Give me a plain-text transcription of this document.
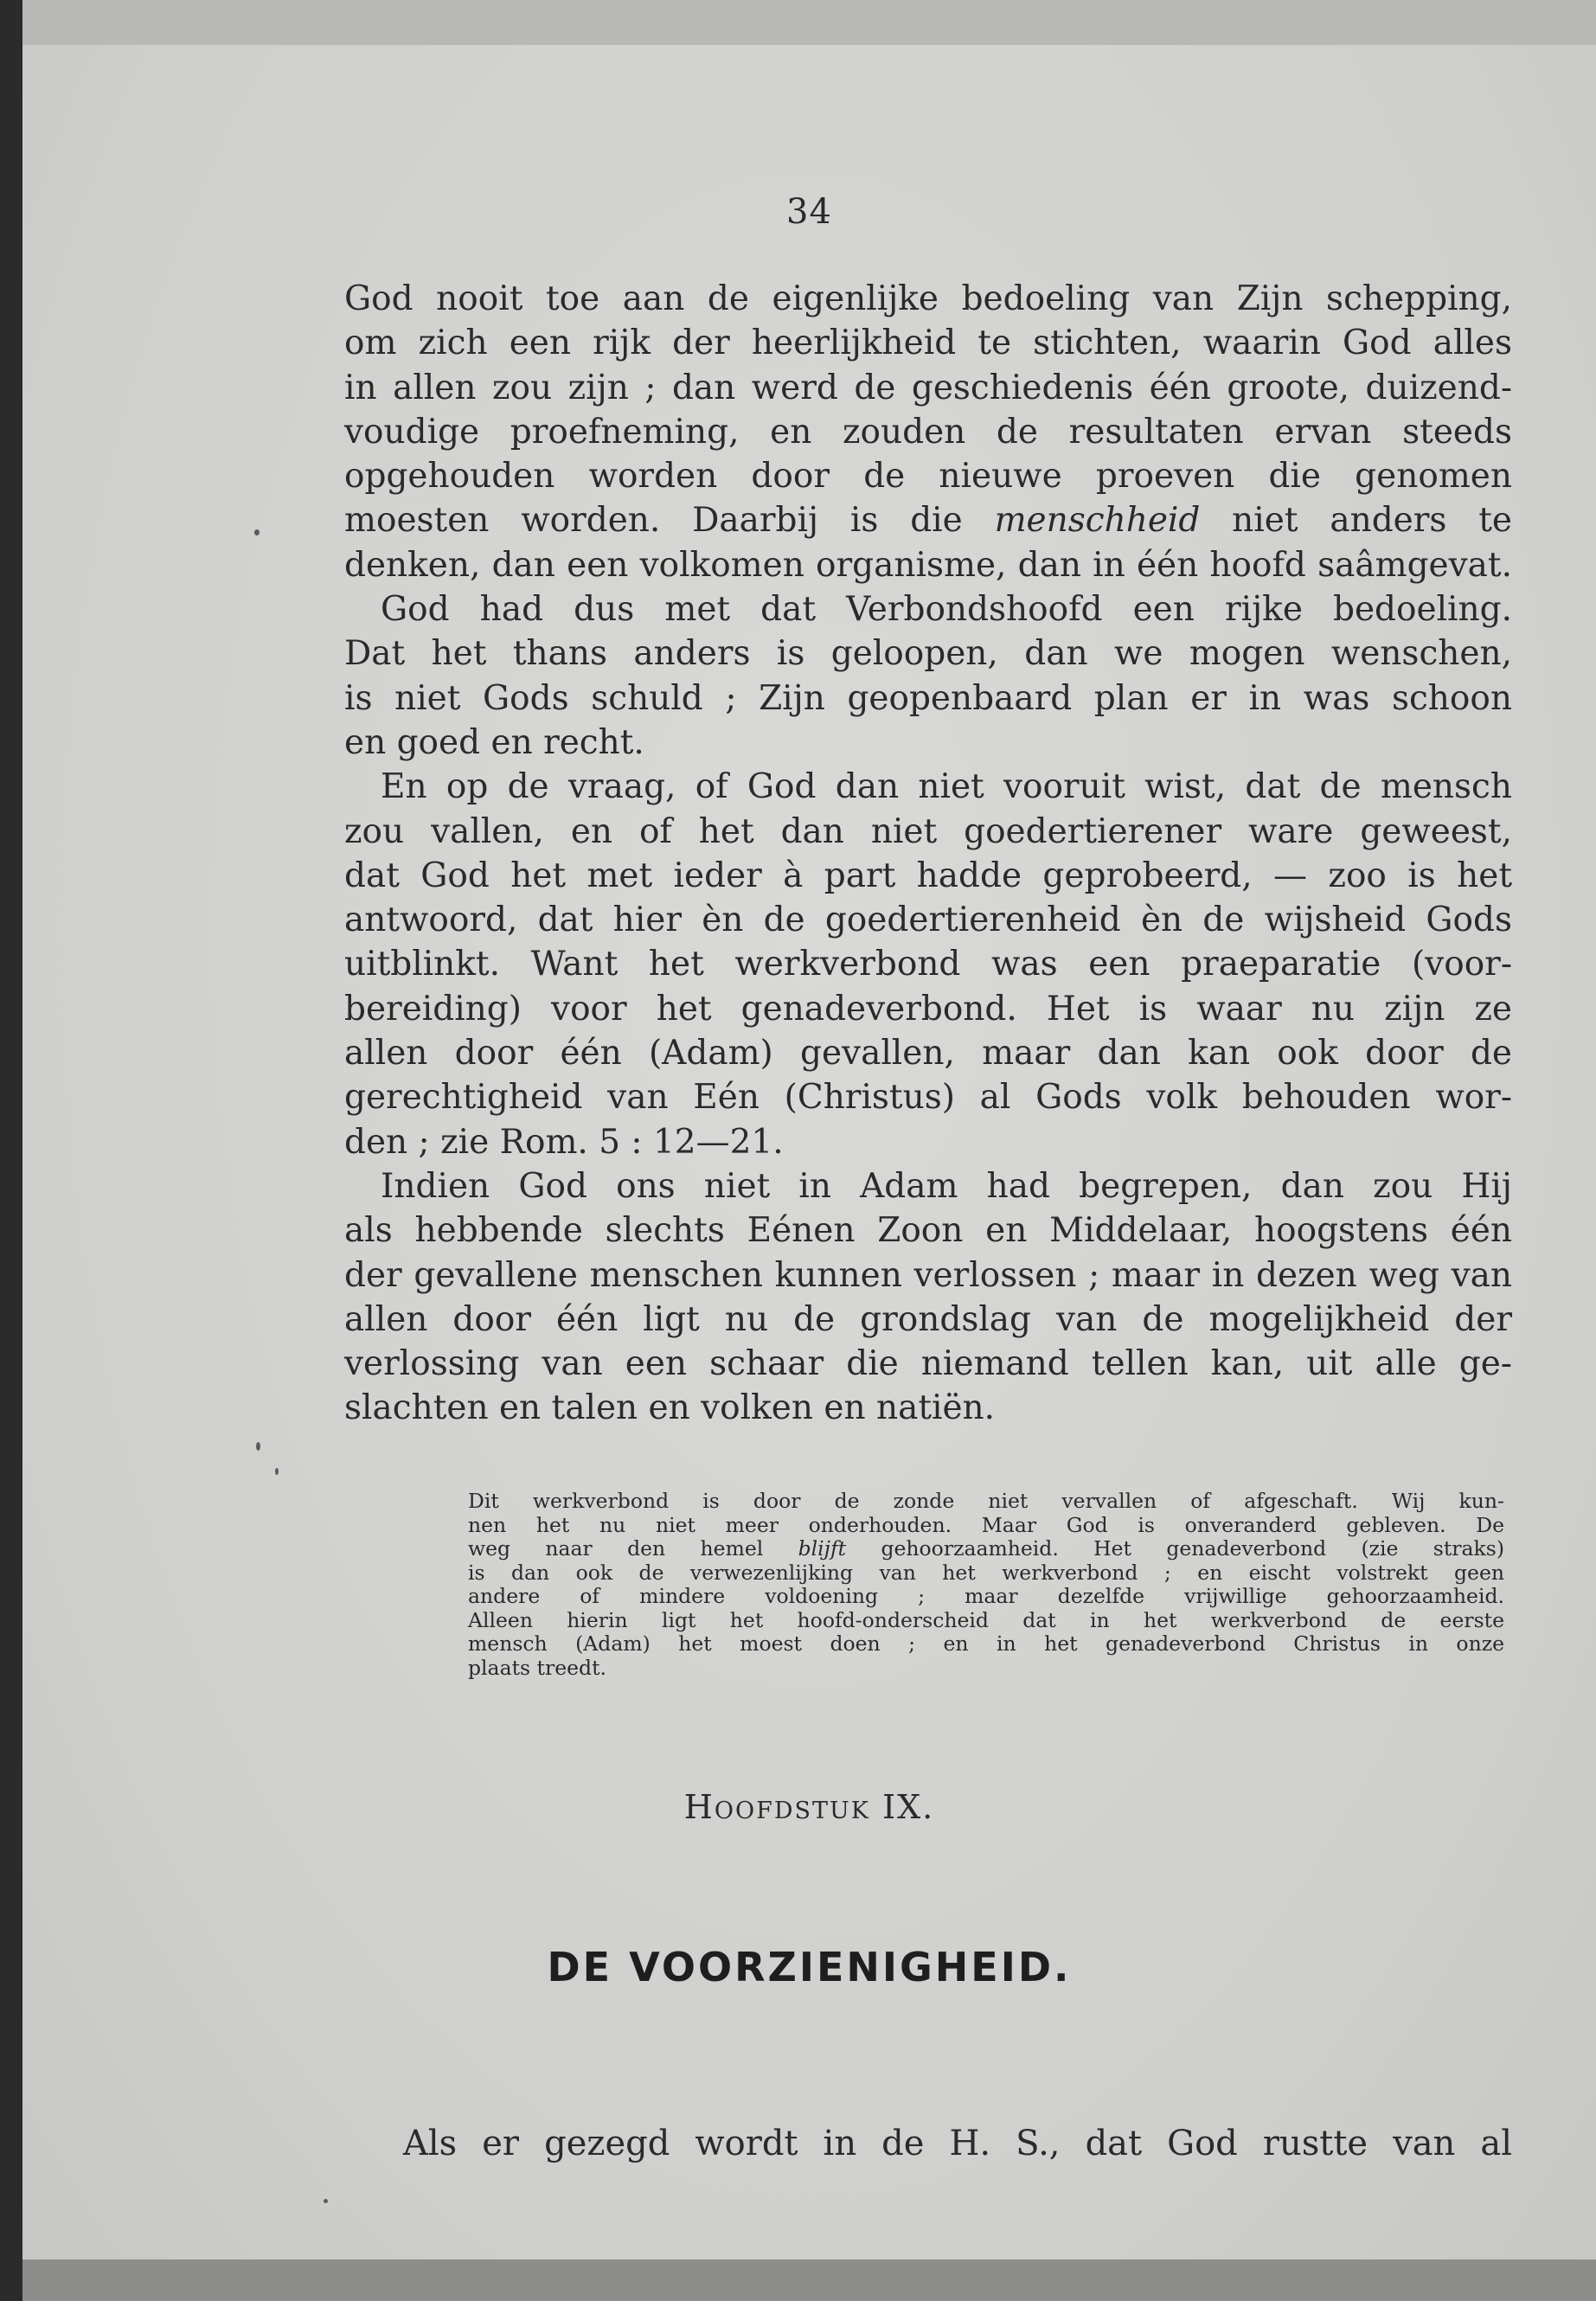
34
God nooit toe aan de eigenlijke bedoeling van Zijn schepping,
om zich een rijk der heerlijkheid te stichten, waarin God alles
in allen zou zijn ; dan werd de geschiedenis één groote, duizend-
voudige proefneming, en zouden de resultaten ervan steeds
opgehouden worden door de nieuwe proeven die genomen
moesten worden. Daarbij is die menschheid niet anders te
denken, dan een volkomen organisme, dan in één hoofd saâmgevat.
God had dus met dat Verbondshoofd een rijke bedoeling.
Dat het thans anders is geloopen, dan we mogen wenschen,
is niet Gods schuld ; Zijn geopenbaard plan er in was schoon
en goed en recht.
En op de vraag, of God dan niet vooruit wist, dat de mensch
zou vallen, en of het dan niet goedertierener ware geweest,
dat God het met ieder à part hadde geprobeerd, — zoo is het
antwoord, dat hier èn de goedertierenheid èn de wijsheid Gods
uitblinkt. Want het werkverbond was een praeparatie (voor-
bereiding) voor het genadeverbond. Het is waar nu zijn ze
allen door één (Adam) gevallen, maar dan kan ook door de
gerechtigheid van Eén (Christus) al Gods volk behouden wor-
den ; zie Rom. 5 : 12—21.
Indien God ons niet in Adam had begrepen, dan zou Hij
als hebbende slechts Eénen Zoon en Middelaar, hoogstens één
der gevallene menschen kunnen verlossen ; maar in dezen weg van
allen door één ligt nu de grondslag van de mogelijkheid der
verlossing van een schaar die niemand tellen kan, uit alle ge-
slachten en talen en volken en natiën.
Dit werkverbond is door de zonde niet vervallen of afgeschaft. Wij kun-
nen het nu niet meer onderhouden. Maar God is onveranderd gebleven. De
weg naar den hemel blijft gehoorzaamheid. Het genadeverbond (zie straks)
is dan ook de verwezenlijking van het werkverbond ; en eischt volstrekt geen
andere of mindere voldoening ; maar dezelfde vrijwillige gehoorzaamheid.
Alleen hierin ligt het hoofd-onderscheid dat in het werkverbond de eerste
mensch (Adam) het moest doen ; en in het genadeverbond Christus in onze
plaats treedt.
HOOFDSTUK IX.
DE VOORZIENIGHEID.
Als er gezegd wordt in de H. S., dat God rustte van al
